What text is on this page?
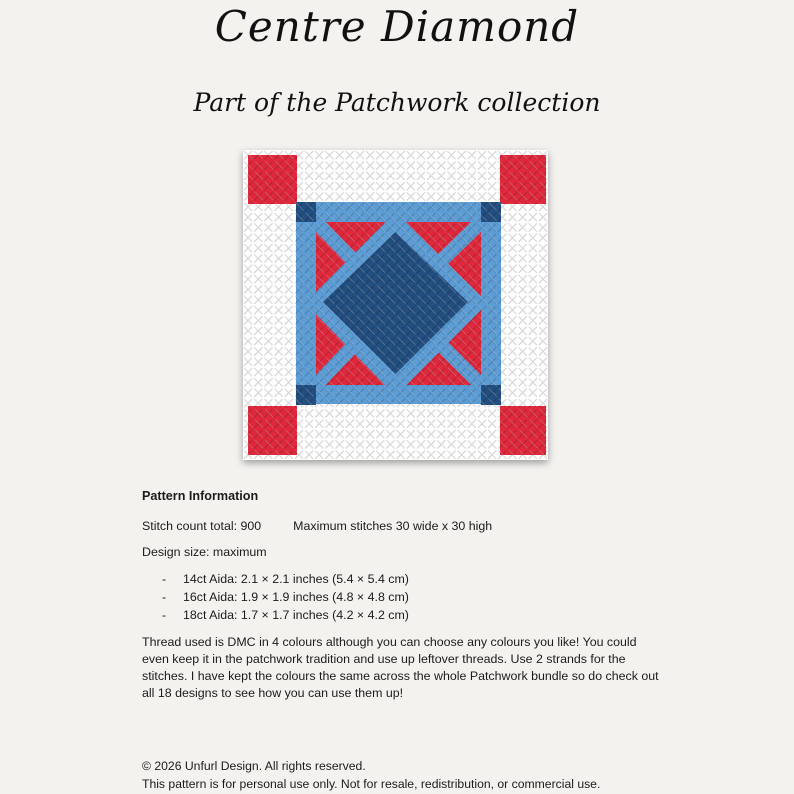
Centre Diamond
Part of the Patchwork collection
Pattern Information
Stitch count total: 900	Maximum stitches 30 wide x 30 high
Design size: maximum
- 14ct Aida: 2.1 × 2.1 inches (5.4 × 5.4 cm)
- 16ct Aida: 1.9 × 1.9 inches (4.8 × 4.8 cm)
- 18ct Aida: 1.7 × 1.7 inches (4.2 × 4.2 cm)

Thread used is DMC in 4 colours although you can choose any colours you like! You could even keep it in the patchwork tradition and use up leftover threads. Use 2 strands for the stitches. I have kept the colours the same across the whole Patchwork bundle so do check out all 18 designs to see how you can use them up!

© 2026 Unfurl Design. All rights reserved.
This pattern is for personal use only. Not for resale, redistribution, or commercial use.
